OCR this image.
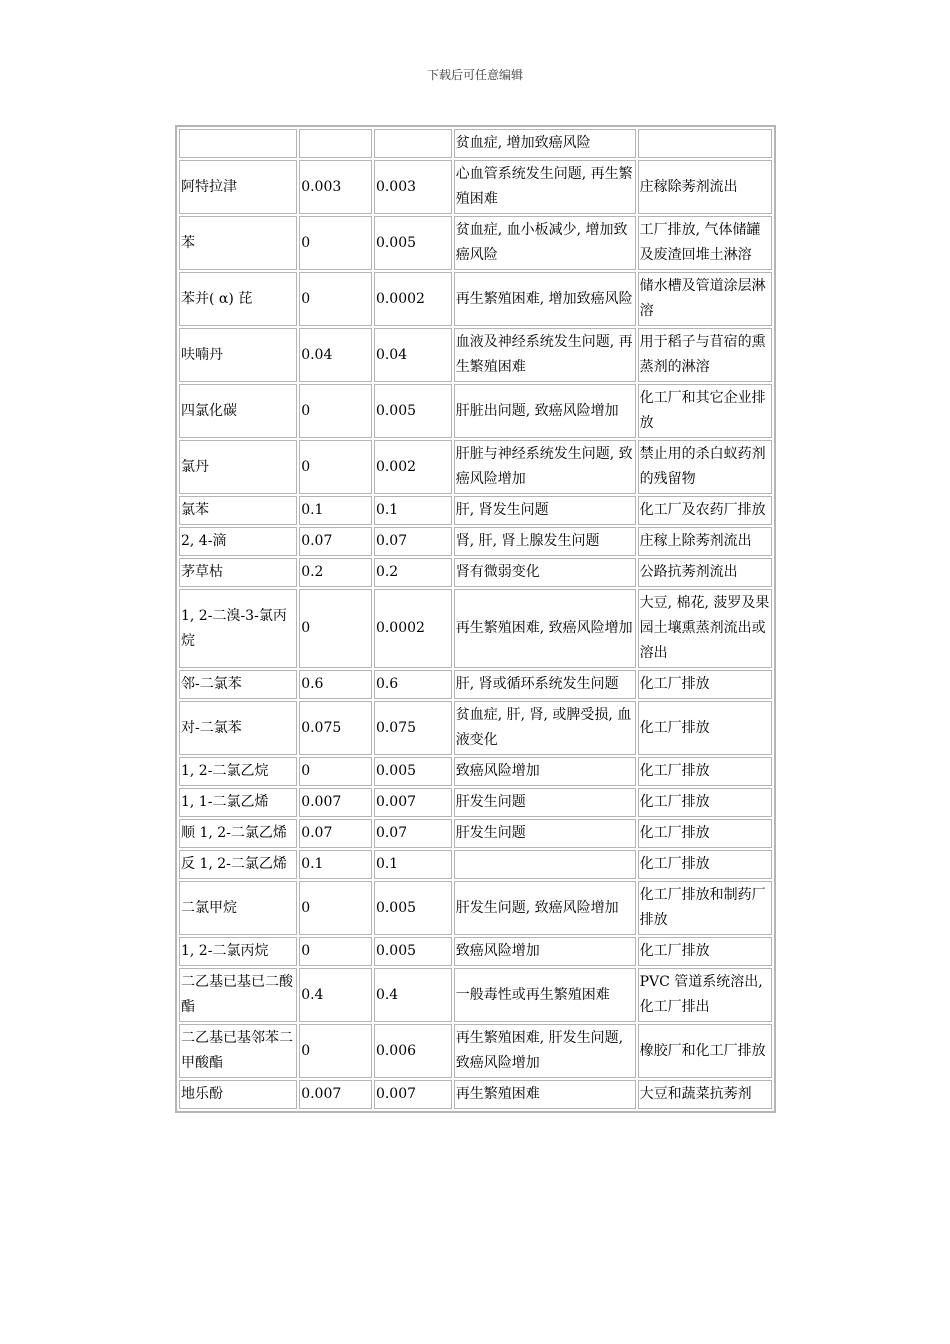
下载后可任意编辑
			贫血症, 增加致癌风险	
阿特拉津	0.003	0.003	心血管系统发生问题, 再生繁殖困难	庄稼除莠剂流出
苯	0	0.005	贫血症, 血小板减少, 增加致癌风险	工厂排放, 气体储罐及废渣回堆土淋溶
苯并( α) 芘	0	0.0002	再生繁殖困难, 增加致癌风险	储水槽及管道涂层淋溶
呋喃丹	0.04	0.04	血液及神经系统发生问题, 再生繁殖困难	用于稻子与苜宿的熏蒸剂的淋溶
四氯化碳	0	0.005	肝脏出问题, 致癌风险增加	化工厂和其它企业排放
氯丹	0	0.002	肝脏与神经系统发生问题, 致癌风险增加	禁止用的杀白蚁药剂的残留物
氯苯	0.1	0.1	肝, 肾发生问题	化工厂及农药厂排放
2, 4-滴	0.07	0.07	肾, 肝, 肾上腺发生问题	庄稼上除莠剂流出
茅草枯	0.2	0.2	肾有微弱变化	公路抗莠剂流出
1, 2-二溴-3-氯丙烷	0	0.0002	再生繁殖困难, 致癌风险增加	大豆, 棉花, 菠罗及果园土壤熏蒸剂流出或溶出
邻-二氯苯	0.6	0.6	肝, 肾或循环系统发生问题	化工厂排放
对-二氯苯	0.075	0.075	贫血症, 肝, 肾, 或脾受损, 血液变化	化工厂排放
1, 2-二氯乙烷	0	0.005	致癌风险增加	化工厂排放
1, 1-二氯乙烯	0.007	0.007	肝发生问题	化工厂排放
顺 1, 2-二氯乙烯	0.07	0.07	肝发生问题	化工厂排放
反 1, 2-二氯乙烯	0.1	0.1		化工厂排放
二氯甲烷	0	0.005	肝发生问题, 致癌风险增加	化工厂排放和制药厂排放
1, 2-二氯丙烷	0	0.005	致癌风险增加	化工厂排放
二乙基已基已二酸酯	0.4	0.4	一般毒性或再生繁殖困难	PVC 管道系统溶出, 化工厂排出
二乙基已基邻苯二甲酸酯	0	0.006	再生繁殖困难, 肝发生问题, 致癌风险增加	橡胶厂和化工厂排放
地乐酚	0.007	0.007	再生繁殖困难	大豆和蔬菜抗莠剂
